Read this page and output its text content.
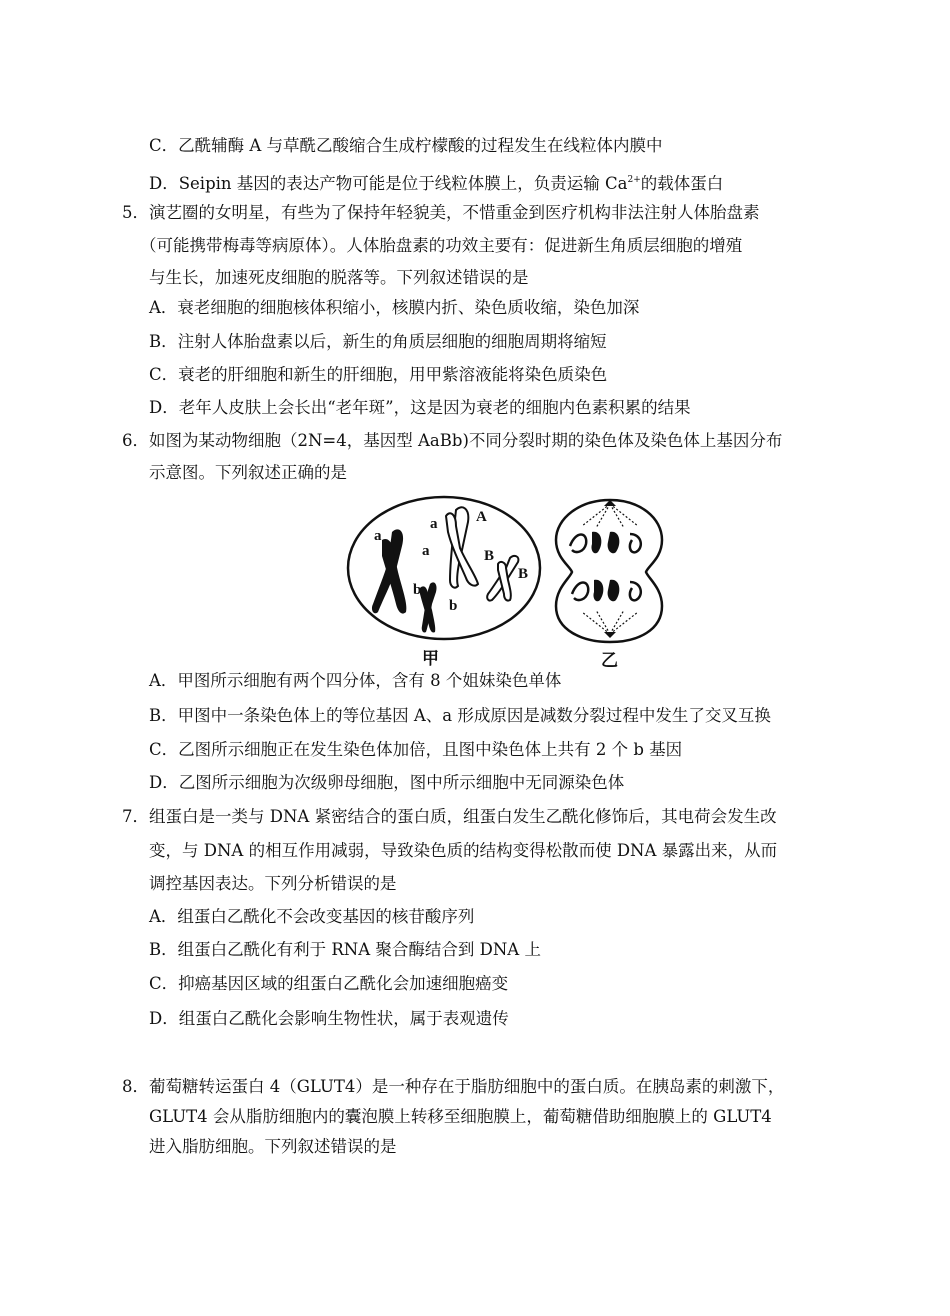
C．乙酰辅酶 A 与草酰乙酸缩合生成柠檬酸的过程发生在线粒体内膜中
D．Seipin 基因的表达产物可能是位于线粒体膜上，负责运输 $Ca^{2+}$的载体蛋白
5． 演艺圈的女明星，有些为了保持年轻貌美，不惜重金到医疗机构非法注射人体胎盘素
（可能携带梅毒等病原体）。人体胎盘素的功效主要有：促进新生角质层细胞的增殖
与生长，加速死皮细胞的脱落等。下列叙述错误的是
A．衰老细胞的细胞核体积缩小，核膜内折、染色质收缩，染色加深
B．注射人体胎盘素以后，新生的角质层细胞的细胞周期将缩短
C．衰老的肝细胞和新生的肝细胞，用甲紫溶液能将染色质染色
D．老年人皮肤上会长出“老年斑”，这是因为衰老的细胞内色素积累的结果
6． 如图为某动物细胞（2N=4，基因型 AaBb)不同分裂时期的染色体及染色体上基因分布
示意图。下列叙述正确的是
a
a
a	A
B
B
b
b
甲	乙
A．甲图所示细胞有两个四分体，含有 8 个姐妹染色单体
B．甲图中一条染色体上的等位基因 A、a 形成原因是减数分裂过程中发生了交叉互换
C．乙图所示细胞正在发生染色体加倍，且图中染色体上共有 2 个 b 基因
D．乙图所示细胞为次级卵母细胞，图中所示细胞中无同源染色体
7． 组蛋白是一类与 DNA 紧密结合的蛋白质，组蛋白发生乙酰化修饰后，其电荷会发生改
变，与 DNA 的相互作用减弱，导致染色质的结构变得松散而使 DNA 暴露出来，从而
调控基因表达。下列分析错误的是
A．组蛋白乙酰化不会改变基因的核苷酸序列
B．组蛋白乙酰化有利于 RNA 聚合酶结合到 DNA 上
C．抑癌基因区域的组蛋白乙酰化会加速细胞癌变
D．组蛋白乙酰化会影响生物性状，属于表观遗传
8． 葡萄糖转运蛋白 4（GLUT4）是一种存在于脂肪细胞中的蛋白质。在胰岛素的刺激下，
GLUT4 会从脂肪细胞内的囊泡膜上转移至细胞膜上，葡萄糖借助细胞膜上的 GLUT4
进入脂肪细胞。下列叙述错误的是
